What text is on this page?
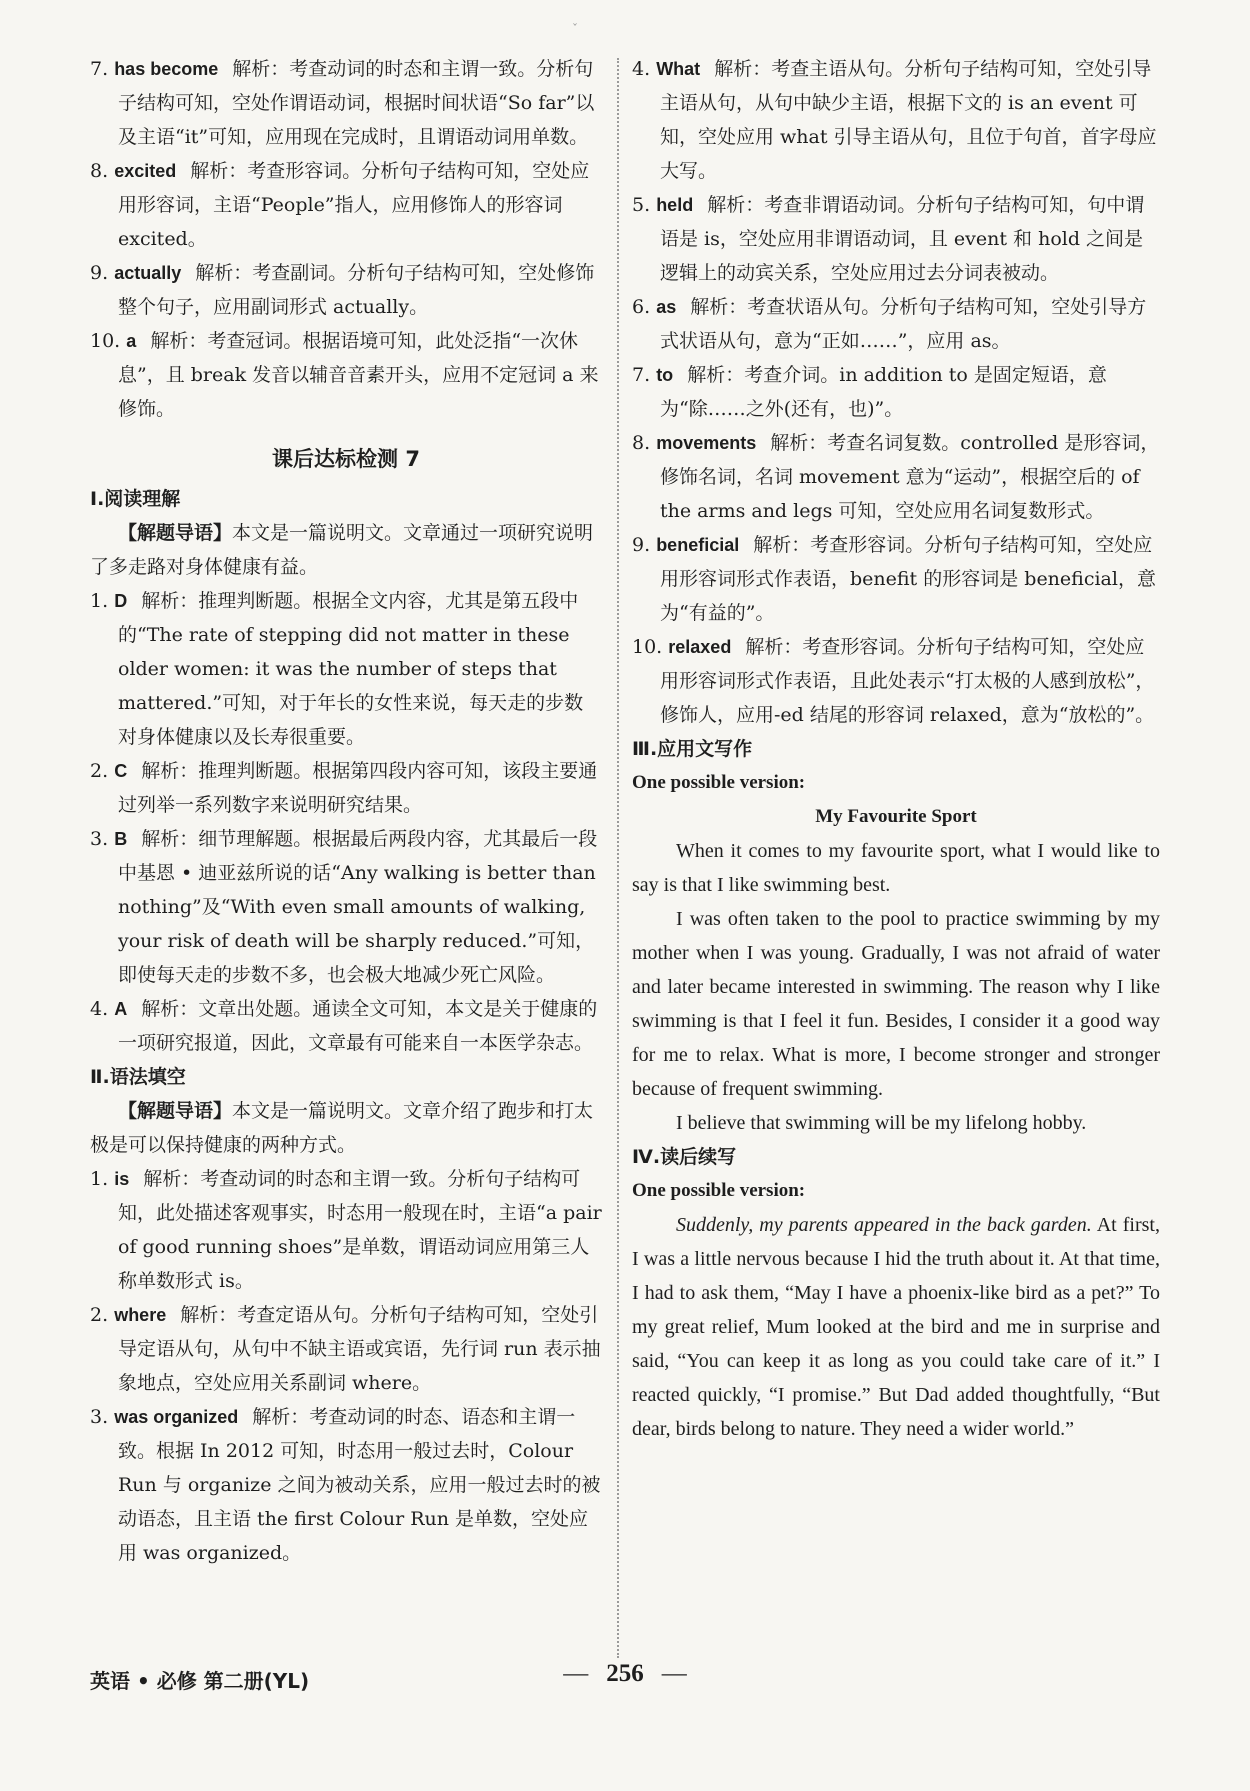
ˇ
7. has become 解析：考查动词的时态和主谓一致。分析句子结构可知，空处作谓语动词，根据时间状语“So far”以及主语“it”可知，应用现在完成时，且谓语动词用单数。
8. excited 解析：考查形容词。分析句子结构可知，空处应用形容词，主语“People”指人，应用修饰人的形容词 excited。
9. actually 解析：考查副词。分析句子结构可知，空处修饰整个句子，应用副词形式 actually。
10. a 解析：考查冠词。根据语境可知，此处泛指“一次休息”，且 break 发音以辅音音素开头，应用不定冠词 a 来修饰。
课后达标检测 7
Ⅰ.阅读理解
【解题导语】本文是一篇说明文。文章通过一项研究说明了多走路对身体健康有益。
1. D 解析：推理判断题。根据全文内容，尤其是第五段中的“The rate of stepping did not matter in these older women: it was the number of steps that mattered.”可知，对于年长的女性来说，每天走的步数对身体健康以及长寿很重要。
2. C 解析：推理判断题。根据第四段内容可知，该段主要通过列举一系列数字来说明研究结果。
3. B 解析：细节理解题。根据最后两段内容，尤其最后一段中基恩 • 迪亚兹所说的话“Any walking is better than nothing”及“With even small amounts of walking, your risk of death will be sharply reduced.”可知，即使每天走的步数不多，也会极大地减少死亡风险。
4. A 解析：文章出处题。通读全文可知，本文是关于健康的一项研究报道，因此，文章最有可能来自一本医学杂志。
Ⅱ.语法填空
【解题导语】本文是一篇说明文。文章介绍了跑步和打太极是可以保持健康的两种方式。
1. is 解析：考查动词的时态和主谓一致。分析句子结构可知，此处描述客观事实，时态用一般现在时，主语“a pair of good running shoes”是单数，谓语动词应用第三人称单数形式 is。
2. where 解析：考查定语从句。分析句子结构可知，空处引导定语从句，从句中不缺主语或宾语，先行词 run 表示抽象地点，空处应用关系副词 where。
3. was organized 解析：考查动词的时态、语态和主谓一致。根据 In 2012 可知，时态用一般过去时，Colour Run 与 organize 之间为被动关系，应用一般过去时的被动语态，且主语 the first Colour Run 是单数，空处应用 was organized。
4. What 解析：考查主语从句。分析句子结构可知，空处引导主语从句，从句中缺少主语，根据下文的 is an event 可知，空处应用 what 引导主语从句，且位于句首，首字母应大写。
5. held 解析：考查非谓语动词。分析句子结构可知，句中谓语是 is，空处应用非谓语动词，且 event 和 hold 之间是逻辑上的动宾关系，空处应用过去分词表被动。
6. as 解析：考查状语从句。分析句子结构可知，空处引导方式状语从句，意为“正如……”，应用 as。
7. to 解析：考查介词。in addition to 是固定短语，意为“除……之外(还有，也)”。
8. movements 解析：考查名词复数。controlled 是形容词，修饰名词，名词 movement 意为“运动”，根据空后的 of the arms and legs 可知，空处应用名词复数形式。
9. beneficial 解析：考查形容词。分析句子结构可知，空处应用形容词形式作表语，benefit 的形容词是 beneficial，意为“有益的”。
10. relaxed 解析：考查形容词。分析句子结构可知，空处应用形容词形式作表语，且此处表示“打太极的人感到放松”，修饰人，应用-ed 结尾的形容词 relaxed，意为“放松的”。
Ⅲ.应用文写作
One possible version:
My Favourite Sport
When it comes to my favourite sport, what I would like to say is that I like swimming best.
I was often taken to the pool to practice swimming by my mother when I was young. Gradually, I was not afraid of water and later became interested in swimming. The reason why I like swimming is that I feel it fun. Besides, I consider it a good way for me to relax. What is more, I become stronger and stronger because of frequent swimming.
I believe that swimming will be my lifelong hobby.
Ⅳ.读后续写
One possible version:
Suddenly, my parents appeared in the back garden. At first, I was a little nervous because I hid the truth about it. At that time, I had to ask them, “May I have a phoenix-like bird as a pet?” To my great relief, Mum looked at the bird and me in surprise and said, “You can keep it as long as you could take care of it.” I reacted quickly, “I promise.” But Dad added thoughtfully, “But dear, birds belong to nature. They need a wider world.”
英语 • 必修 第二册(YL)	— 256 —
